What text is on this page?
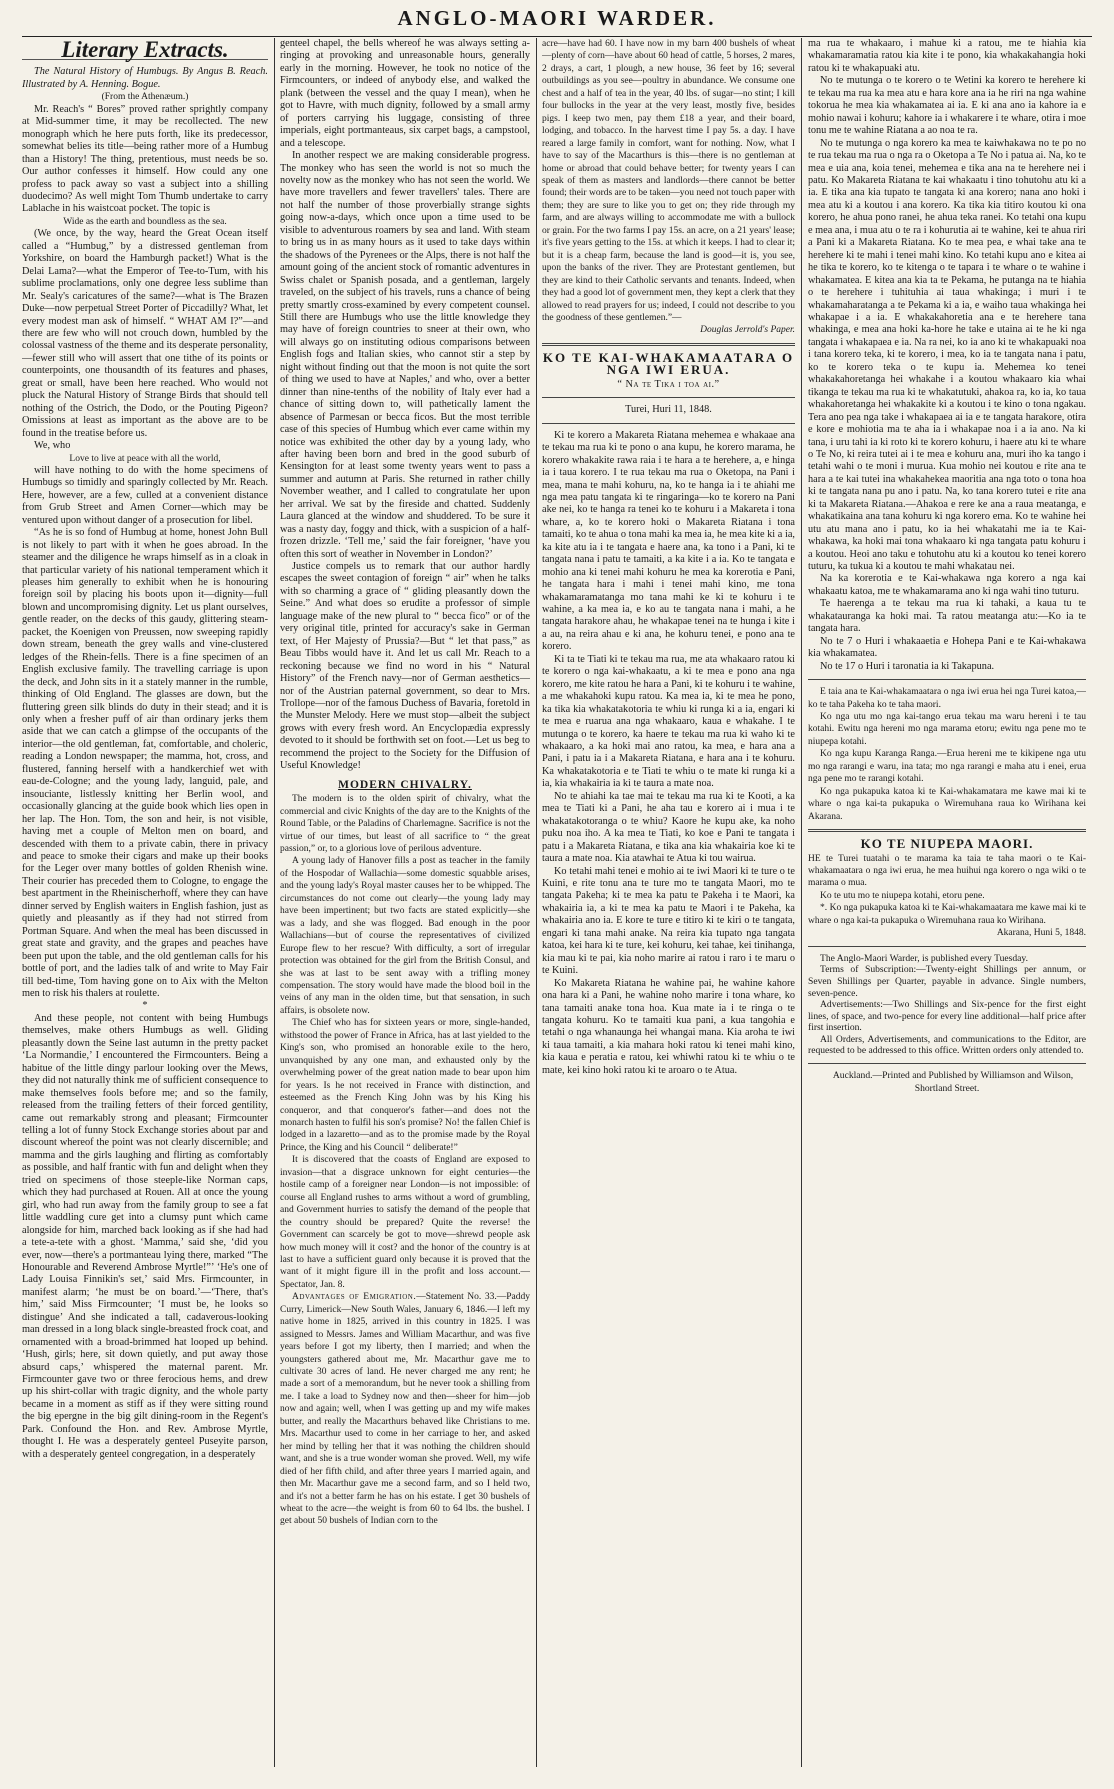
ANGLO-MAORI WARDER.
Literary Extracts.

The Natural History of Humbugs. By Angus B. Reach. Illustrated by A. Henning. Bogue.

(From the Athenæum.)

Mr. Reach's “ Bores” proved rather sprightly company at Mid-summer time, it may be recollected. The new monograph which he here puts forth, like its predecessor, somewhat belies its title—being rather more of a Humbug than a History! The thing, pretentious, must needs be so. Our author confesses it himself. How could any one profess to pack away so vast a subject into a shilling duodecimo? As well might Tom Thumb undertake to carry Lablache in his waistcoat pocket. The topic is

Wide as the earth and boundless as the sea.

(We once, by the way, heard the Great Ocean itself called a “Humbug,” by a distressed gentleman from Yorkshire, on board the Hamburgh packet!) What is the Delai Lama?—what the Emperor of Tee-to-Tum, with his sublime proclamations, only one degree less sublime than Mr. Sealy's caricatures of the same?—what is The Brazen Duke—now perpetual Street Porter of Piccadilly? What, let every modest man ask of himself. “ WHAT AM I?”—and there are few who will not crouch down, humbled by the colossal vastness of the theme and its desperate personality,—fewer still who will assert that one tithe of its points or counterpoints, one thousandth of its features and phases, great or small, have been here reached. Who would not pluck the Natural History of Strange Birds that should tell nothing of the Ostrich, the Dodo, or the Pouting Pigeon? Omissions at least as important as the above are to be found in the treatise before us.

We, who

Love to live at peace with all the world,

will have nothing to do with the home specimens of Humbugs so timidly and sparingly collected by Mr. Reach. Here, however, are a few, culled at a convenient distance from Grub Street and Amen Corner—which may be ventured upon without danger of a prosecution for libel.

“As he is so fond of Humbug at home, honest John Bull is not likely to part with it when he goes abroad. In the steamer and the diligence he wraps himself as in a cloak in that particular variety of his national temperament which it pleases him generally to exhibit when he is honouring foreign soil by placing his boots upon it—dignity—full blown and uncompromising dignity. Let us plant ourselves, gentle reader, on the decks of this gaudy, glittering steam-packet, the Koenigen von Preussen, now sweeping rapidly down stream, beneath the grey walls and vine-clustered ledges of the Rhein-fells. There is a fine specimen of an English exclusive family. The travelling carriage is upon the deck, and John sits in it a stately manner in the rumble, thinking of Old England. The glasses are down, but the fluttering green silk blinds do duty in their stead; and it is only when a fresher puff of air than ordinary jerks them aside that we can catch a glimpse of the occupants of the interior—the old gentleman, fat, comfortable, and choleric, reading a London newspaper; the mamma, hot, cross, and flustered, fanning herself with a handkerchief wet with eau-de-Cologne; and the young lady, languid, pale, and insouciante, listlessly knitting her Berlin wool, and occasionally glancing at the guide book which lies open in her lap. The Hon. Tom, the son and heir, is not visible, having met a couple of Melton men on board, and descended with them to a private cabin, there in privacy and peace to smoke their cigars and make up their books for the Leger over many bottles of golden Rhenish wine. Their courier has preceded them to Cologne, to engage the best apartment in the Rheinischerhoff, where they can have dinner served by English waiters in English fashion, just as quietly and pleasantly as if they had not stirred from Portman Square. And when the meal has been discussed in great state and gravity, and the grapes and peaches have been put upon the table, and the old gentleman calls for his bottle of port, and the ladies talk of and write to May Fair till bed-time, Tom having gone on to Aix with the Melton men to risk his thalers at roulette.

*

And these people, not content with being Humbugs themselves, make others Humbugs as well. Gliding pleasantly down the Seine last autumn in the pretty packet ‘La Normandie,’ I encountered the Firmcounters. Being a habitue of the little dingy parlour looking over the Mews, they did not naturally think me of sufficient consequence to make themselves fools before me; and so the family, released from the trailing fetters of their forced gentility, came out remarkably strong and pleasant; Firmcounter telling a lot of funny Stock Exchange stories about par and discount whereof the point was not clearly discernible; and mamma and the girls laughing and flirting as comfortably as possible, and half frantic with fun and delight when they tried on specimens of those steeple-like Norman caps, which they had purchased at Rouen. All at once the young girl, who had run away from the family group to see a fat little waddling cure get into a clumsy punt which came alongside for him, marched back looking as if she had had a tete-a-tete with a ghost. ‘Mamma,’ said she, ‘did you ever, now—there's a portmanteau lying there, marked “The Honourable and Reverend Ambrose Myrtle!”’ ‘He's one of Lady Louisa Finnikin's set,’ said Mrs. Firmcounter, in manifest alarm; ‘he must be on board.’—‘There, that's him,’ said Miss Firmcounter; ‘I must be, he looks so distingue’ And she indicated a tall, cadaverous-looking man dressed in a long black single-breasted frock coat, and ornamented with a broad-brimmed hat looped up behind. ‘Hush, girls; here, sit down quietly, and put away those absurd caps,’ whispered the maternal parent. Mr. Firmcounter gave two or three ferocious hems, and drew up his shirt-collar with tragic dignity, and the whole party became in a moment as stiff as if they were sitting round the big epergne in the big gilt dining-room in the Regent's Park. Confound the Hon. and Rev. Ambrose Myrtle, thought I. He was a desperately genteel Puseyite parson, with a desperately genteel congregation, in a desperately

genteel chapel, the bells whereof he was always setting a-ringing at provoking and unreasonable hours, generally early in the morning. However, he took no notice of the Firmcounters, or indeed of anybody else, and walked the plank (between the vessel and the quay I mean), when he got to Havre, with much dignity, followed by a small army of porters carrying his luggage, consisting of three imperials, eight portmanteaus, six carpet bags, a campstool, and a telescope.

In another respect we are making considerable progress. The monkey who has seen the world is not so much the novelty now as the monkey who has not seen the world. We have more travellers and fewer travellers' tales. There are not half the number of those proverbially strange sights going now-a-days, which once upon a time used to be visible to adventurous roamers by sea and land. With steam to bring us in as many hours as it used to take days within the shadows of the Pyrenees or the Alps, there is not half the amount going of the ancient stock of romantic adventures in Swiss chalet or Spanish posada, and a gentleman, largely traveled, on the subject of his travels, runs a chance of being pretty smartly cross-examined by every competent counsel. Still there are Humbugs who use the little knowledge they may have of foreign countries to sneer at their own, who will always go on instituting odious comparisons between English fogs and Italian skies, who cannot stir a step by night without finding out that the moon is not quite the sort of thing we used to have at Naples,' and who, over a better dinner than nine-tenths of the nobility of Italy ever had a chance of sitting down to, will pathetically lament the absence of Parmesan or becca ficos. But the most terrible case of this species of Humbug which ever came within my notice was exhibited the other day by a young lady, who after having been born and bred in the good suburb of Kensington for at least some twenty years went to pass a summer and autumn at Paris. She returned in rather chilly November weather, and I called to congratulate her upon her arrival. We sat by the fireside and chatted. Suddenly Laura glanced at the window and shuddered. To be sure it was a nasty day, foggy and thick, with a suspicion of a half-frozen drizzle. ‘Tell me,’ said the fair foreigner, ‘have you often this sort of weather in November in London?’

Justice compels us to remark that our author hardly escapes the sweet contagion of foreign “ air” when he talks with so charming a grace of “ gliding pleasantly down the Seine.” And what does so erudite a professor of simple language make of the new plural to “ becca fico” or of the very original title, printed for accuracy's sake in German text, of Her Majesty of Prussia?—But “ let that pass,” as Beau Tibbs would have it. And let us call Mr. Reach to a reckoning because we find no word in his “ Natural History” of the French navy—nor of German aesthetics—nor of the Austrian paternal government, so dear to Mrs. Trollope—nor of the famous Duchess of Bavaria, foretold in the Munster Melody. Here we must stop—albeit the subject grows with every fresh word. An Encyclopædia expressly devoted to it should be forthwith set on foot.—Let us beg to recommend the project to the Society for the Diffusion of Useful Knowledge!

MODERN CHIVALRY.

The modern is to the olden spirit of chivalry, what the commercial and civic Knights of the day are to the Knights of the Round Table, or the Paladins of Charlemagne. Sacrifice is not the virtue of our times, but least of all sacrifice to “ the great passion,” or, to a glorious love of perilous adventure.

A young lady of Hanover fills a post as teacher in the family of the Hospodar of Wallachia—some domestic squabble arises, and the young lady's Royal master causes her to be whipped. The circumstances do not come out clearly—the young lady may have been impertinent; but two facts are stated explicitly—she was a lady, and she was flogged. Bad enough in the poor Wallachians—but of course the representatives of civilized Europe flew to her rescue? With difficulty, a sort of irregular protection was obtained for the girl from the British Consul, and she was at last to be sent away with a trifling money compensation. The story would have made the blood boil in the veins of any man in the olden time, but that sensation, in such affairs, is obsolete now.

The Chief who has for sixteen years or more, single-handed, withstood the power of France in Africa, has at last yielded to the King's son, who promised an honorable exile to the hero, unvanquished by any one man, and exhausted only by the overwhelming power of the great nation made to bear upon him for years. Is he not received in France with distinction, and esteemed as the French King John was by his King his conqueror, and that conqueror's father—and does not the monarch hasten to fulfil his son's promise? No! the fallen Chief is lodged in a lazaretto—and as to the promise made by the Royal Prince, the King and his Council “ deliberate!”

It is discovered that the coasts of England are exposed to invasion—that a disgrace unknown for eight centuries—the hostile camp of a foreigner near London—is not impossible: of course all England rushes to arms without a word of grumbling, and Government hurries to satisfy the demand of the people that the country should be prepared? Quite the reverse! the Government can scarcely be got to move—shrewd people ask how much money will it cost? and the honor of the country is at last to have a sufficient guard only because it is proved that the want of it might figure ill in the profit and loss account.—Spectator, Jan. 8.

Advantages of Emigration.—Statement No. 33.—Paddy Curry, Limerick—New South Wales, January 6, 1846.—I left my native home in 1825, arrived in this country in 1825. I was assigned to Messrs. James and William Macarthur, and was five years before I got my liberty, then I married; and when the youngsters gathered about me, Mr. Macarthur gave me to cultivate 30 acres of land. He never charged me any rent; he made a sort of a memorandum, but he never took a shilling from me. I take a load to Sydney now and then—sheer for him—job now and again; well, when I was getting up and my wife makes butter, and really the Macarthurs behaved like Christians to me. Mrs. Macarthur used to come in her carriage to her, and asked her mind by telling her that it was nothing the children should want, and she is a true wonder woman she proved. Well, my wife died of her fifth child, and after three years I married again, and then Mr. Macarthur gave me a second farm, and so I held two, and it's not a better farm he has on his estate. I get 30 bushels of wheat to the acre—the weight is from 60 to 64 lbs. the bushel. I get about 50 bushels of Indian corn to the

acre—have had 60. I have now in my barn 400 bushels of wheat—plenty of corn—have about 60 head of cattle, 5 horses, 2 mares, 2 drays, a cart, 1 plough, a new house, 36 feet by 16; several outbuildings as you see—poultry in abundance. We consume one chest and a half of tea in the year, 40 lbs. of sugar—no stint; I kill four bullocks in the year at the very least, mostly five, besides pigs. I keep two men, pay them £18 a year, and their board, lodging, and tobacco. In the harvest time I pay 5s. a day. I have reared a large family in comfort, want for nothing. Now, what I have to say of the Macarthurs is this—there is no gentleman at home or abroad that could behave better; for twenty years I can speak of them as masters and landlords—there cannot be better found; their words are to be taken—you need not touch paper with them; they are sure to like you to get on; they ride through my farm, and are always willing to accommodate me with a bullock or grain. For the two farms I pay 15s. an acre, on a 21 years' lease; it's five years getting to the 15s. at which it keeps. I had to clear it; but it is a cheap farm, because the land is good—it is, you see, upon the banks of the river. They are Protestant gentlemen, but they are kind to their Catholic servants and tenants. Indeed, when they had a good lot of government men, they kept a clerk that they allowed to read prayers for us; indeed, I could not describe to you the goodness of these gentlemen.”—

Douglas Jerrold's Paper.

KO TE KAI-WHAKAMAATARA O NGA IWI ERUA.

“ Na te Tika i toa ai.”

Turei, Huri 11, 1848.

Ki te korero a Makareta Riatana mehemea e whakaae ana te tekau ma rua ki te pono o ana kupu, he korero marama, he korero whakakite rawa raia i te hara a te herehere, a, e hinga ia i taua korero. I te rua tekau ma rua o Oketopa, na Pani i mea, mana te mahi kohuru, na, ko te hanga ia i te ahiahi me nga mea patu tangata ki te ringaringa—ko te korero na Pani ake nei, ko te hanga ra tenei ko te kohuru i a Makareta i tona whare, a, ko te korero hoki o Makareta Riatana i tona tamaiti, ko te ahua o tona mahi ka mea ia, he mea kite ki a ia, ka kite atu ia i te tangata e haere ana, ka tono i a Pani, ki te tangata nana i patu te tamaiti, a ka kite i a ia. Ko te tangata e mohio ana ki tenei mahi kohuru he mea ka korerotia e Pani, he tangata hara i mahi i tenei mahi kino, me tona whakamaramatanga mo tana mahi ke ki te kohuru i te wahine, a ka mea ia, e ko au te tangata nana i mahi, a he tangata harakore ahau, he whakapae tenei na te hunga i kite i a au, na reira ahau e ki ana, he kohuru tenei, e pono ana te korero.

Ki ta te Tiati ki te tekau ma rua, me ata whakaaro ratou ki te korero o nga kai-whakaatu, a ki te mea e pono ana nga korero, me kite ratou he hara a Pani, ki te kohuru i te wahine, a me whakahoki kupu ratou. Ka mea ia, ki te mea he pono, ka tika kia whakatakotoria te whiu ki runga ki a ia, engari ki te mea e ruarua ana nga whakaaro, kaua e whakahe. I te mutunga o te korero, ka haere te tekau ma rua ki waho ki te whakaaro, a ka hoki mai ano ratou, ka mea, e hara ana a Pani, i patu ia i a Makareta Riatana, e hara ana i te kohuru. Ka whakatakotoria e te Tiati te whiu o te mate ki runga ki a ia, kia whakairia ia ki te taura a mate noa.

No te ahiahi ka tae mai te tekau ma rua ki te Kooti, a ka mea te Tiati ki a Pani, he aha tau e korero ai i mua i te whakatakotoranga o te whiu? Kaore he kupu ake, ka noho puku noa iho. A ka mea te Tiati, ko koe e Pani te tangata i patu i a Makareta Riatana, e tika ana kia whakairia koe ki te taura a mate noa. Kia atawhai te Atua ki tou wairua.

Ko tetahi mahi tenei e mohio ai te iwi Maori ki te ture o te Kuini, e rite tonu ana te ture mo te tangata Maori, mo te tangata Pakeha; ki te mea ka patu te Pakeha i te Maori, ka whakairia ia, a ki te mea ka patu te Maori i te Pakeha, ka whakairia ano ia. E kore te ture e titiro ki te kiri o te tangata, engari ki tana mahi anake. Na reira kia tupato nga tangata katoa, kei hara ki te ture, kei kohuru, kei tahae, kei tinihanga, kia mau ki te pai, kia noho marire ai ratou i raro i te maru o te Kuini.

Ko Makareta Riatana he wahine pai, he wahine kahore ona hara ki a Pani, he wahine noho marire i tona whare, ko tana tamaiti anake tona hoa. Kua mate ia i te ringa o te tangata kohuru. Ko te tamaiti kua pani, a kua tangohia e tetahi o nga whanaunga hei whangai mana. Kia aroha te iwi ki taua tamaiti, a kia mahara hoki ratou ki tenei mahi kino, kia kaua e peratia e ratou, kei whiwhi ratou ki te whiu o te mate, kei kino hoki ratou ki te aroaro o te Atua.

ma rua te whakaaro, i mahue ki a ratou, me te hiahia kia whakamaramatia ratou kia kite i te pono, kia whakakahangia hoki ratou ki te whakapuaki atu.

No te mutunga o te korero o te Wetini ka korero te herehere ki te tekau ma rua ka mea atu e hara kore ana ia he riri na nga wahine tokorua he mea kia whakamatea ai ia. E ki ana ano ia kahore ia e mohio nawai i kohuru; kahore ia i whakarere i te whare, otira i moe tonu me te wahine Riatana a ao noa te ra.

No te mutunga o nga korero ka mea te kaiwhakawa no te po no te rua tekau ma rua o nga ra o Oketopa a Te No i patua ai. Na, ko te mea e uia ana, koia tenei, mehemea e tika ana na te herehere nei i patu. Ko Makareta Riatana te kai whakaatu i tino tohutohu atu ki a ia. E tika ana kia tupato te tangata ki ana korero; nana ano hoki i mea atu ki a koutou i ana korero. Ka tika kia titiro koutou ki ona korero, he ahua pono ranei, he ahua teka ranei. Ko tetahi ona kupu e mea ana, i mua atu o te ra i kohurutia ai te wahine, kei te ahua riri a Pani ki a Makareta Riatana. Ko te mea pea, e whai take ana te herehere ki te mahi i tenei mahi kino. Ko tetahi kupu ano e kitea ai he tika te korero, ko te kitenga o te tapara i te whare o te wahine i whakamatea. E kitea ana kia ta te Pekama, he putanga na te hiahia o te herehere i tuhituhia ai taua whakinga; i muri i te whakamaharatanga a te Pekama ki a ia, e waiho taua whakinga hei whakapae i a ia. E whakakahoretia ana e te herehere tana whakinga, e mea ana hoki ka-hore he take e utaina ai te he ki nga tangata i whakapaea e ia. Na ra nei, ko ia ano ki te whakapuaki noa i tana korero teka, ki te korero, i mea, ko ia te tangata nana i patu, ko te korero teka o te kupu ia. Mehemea ko tenei whakakahoretanga hei whakahe i a koutou whakaaro kia whai tikanga te tekau ma rua ki te whakatutuki, ahakoa ra, ko ia, ko taua whakahoretanga hei whakakite ki a koutou i te kino o tona ngakau. Tera ano pea nga take i whakapaea ai ia e te tangata harakore, otira e kore e mohiotia ma te aha ia i whakapae noa i a ia ano. Na ki tana, i uru tahi ia ki roto ki te korero kohuru, i haere atu ki te whare o Te No, ki reira tutei ai i te mea e kohuru ana, muri iho ka tango i tetahi wahi o te moni i murua. Kua mohio nei koutou e rite ana te hara a te kai tutei ina whakahekea maoritia ana nga toto o tona hoa ki te tangata nana pu ano i patu. Na, ko tana korero tutei e rite ana ki ta Makareta Riatana.—Ahakoa e rere ke ana a raua meatanga, e whakatikaina ana tana kohuru ki nga korero ema. Ko te wahine hei utu atu mana ano i patu, ko ia hei whakatahi me ia te Kai-whakawa, ka hoki mai tona whakaaro ki nga tangata patu kohuru i a koutou. Heoi ano taku e tohutohu atu ki a koutou ko tenei korero tuturu, ka tukua ki a koutou te mahi whakatau nei.

Na ka korerotia e te Kai-whakawa nga korero a nga kai whakaatu katoa, me te whakamarama ano ki nga wahi tino tuturu.

Te haerenga a te tekau ma rua ki tahaki, a kaua tu te whakatauranga ka hoki mai. Ta ratou meatanga atu:—Ko ia te tangata hara.

No te 7 o Huri i whakaaetia e Hohepa Pani e te Kai-whakawa kia whakamatea.

No te 17 o Huri i taronatia ia ki Takapuna.

E taia ana te Kai-whakamaatara o nga iwi erua hei nga Turei katoa,—ko te taha Pakeha ko te taha maori.

Ko nga utu mo nga kai-tango erua tekau ma waru hereni i te tau kotahi. Ewitu nga hereni mo nga marama etoru; ewitu nga pene mo te niupepa kotahi.

Ko nga kupu Karanga Ranga.—Erua hereni me te kikipene nga utu mo nga rarangi e waru, ina tata; mo nga rarangi e maha atu i enei, erua nga pene mo te rarangi kotahi.

Ko nga pukapuka katoa ki te Kai-whakamatara me kawe mai ki te whare o nga kai-ta pukapuka o Wiremuhana raua ko Wirihana kei Akarana.

KO TE NIUPEPA MAORI.

HE te Turei tuatahi o te marama ka taia te taha maori o te Kai-whakamaatara o nga iwi erua, he mea huihui nga korero o nga wiki o te marama o mua.

Ko te utu mo te niupepa kotahi, etoru pene.

*. Ko nga pukapuka katoa ki te Kai-whakamaatara me kawe mai ki te whare o nga kai-ta pukapuka o Wiremuhana raua ko Wirihana.

Akarana, Huni 5, 1848.

The Anglo-Maori Warder, is published every Tuesday.

Terms of Subscription:—Twenty-eight Shillings per annum, or Seven Shillings per Quarter, payable in advance. Single numbers, seven-pence.

Advertisements:—Two Shillings and Six-pence for the first eight lines, of space, and two-pence for every line additional—half price after first insertion.

All Orders, Advertisements, and communications to the Editor, are requested to be addressed to this office. Written orders only attended to.

Auckland.—Printed and Published by Williamson and Wilson, Shortland Street.
